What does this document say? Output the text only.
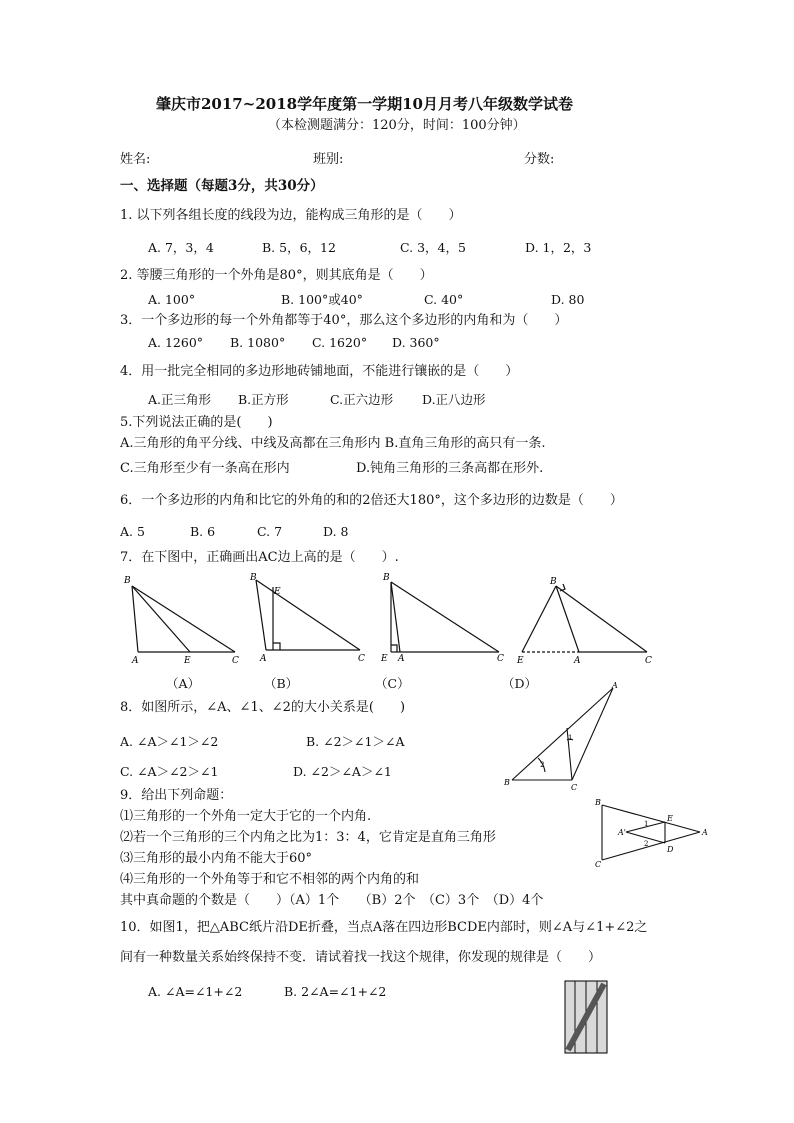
肇庆市2017~2018学年度第一学期10月月考八年级数学试卷
（本检测题满分：120分，时间：100分钟）
姓名:	班别:	分数:
一、选择题（每题3分，共30分）
1. 以下列各组长度的线段为边，能构成三角形的是（　　）
A. 7，3，4	B. 5，6，12	C. 3，4，5	D. 1，2，3
2. 等腰三角形的一个外角是80°，则其底角是（　　）
A. 100°	B. 100°或40°	C. 40°	D. 80
3．一个多边形的每一个外角都等于40°，那么这个多边形的内角和为（　　）
A. 1260° B. 1080° C. 1620° D. 360°
4．用一批完全相同的多边形地砖铺地面，不能进行镶嵌的是（　　）
A.正三角形 B.正方形	C.正六边形 D.正八边形
5.下列说法正确的是(　　)
A.三角形的角平分线、中线及高都在三角形内 B.直角三角形的高只有一条.
C.三角形至少有一条高在形内	D.钝角三角形的三条高都在形外.
6．一个多边形的内角和比它的外角的和的2倍还大180°，这个多边形的边数是（　　）
A. 5	B. 6	C. 7	D. 8
7．在下图中，正确画出AC边上高的是（　　）.
B
A	E	C
B
E
A	C
B
E A	C
B
E	A	C
（A）	（B）	（C）	（D）
8．如图所示，∠A、∠1、∠2的大小关系是(　　)
A. ∠A＞∠1＞∠2	B. ∠2＞∠1＞∠A
C. ∠A＞∠2＞∠1	D. ∠2＞∠A＞∠1
B
C
A
1
2
9．给出下列命题：
⑴三角形的一个外角一定大于它的一个内角.
⑵若一个三角形的三个内角之比为1：3：4，它肯定是直角三角形
⑶三角形的最小内角不能大于60°
⑷三角形的一个外角等于和它不相邻的两个内角的和
其中真命题的个数是（　　）（A）1个　　（B）2个　（C）3个　（D）4个
B
C
A
E
D
A'
1
2
10．如图1，把△ABC纸片沿DE折叠，当点A落在四边形BCDE内部时，则∠A与∠1+∠2之
间有一种数量关系始终保持不变．请试着找一找这个规律，你发现的规律是（　　）
A. ∠A=∠1+∠2	B. 2∠A=∠1+∠2
